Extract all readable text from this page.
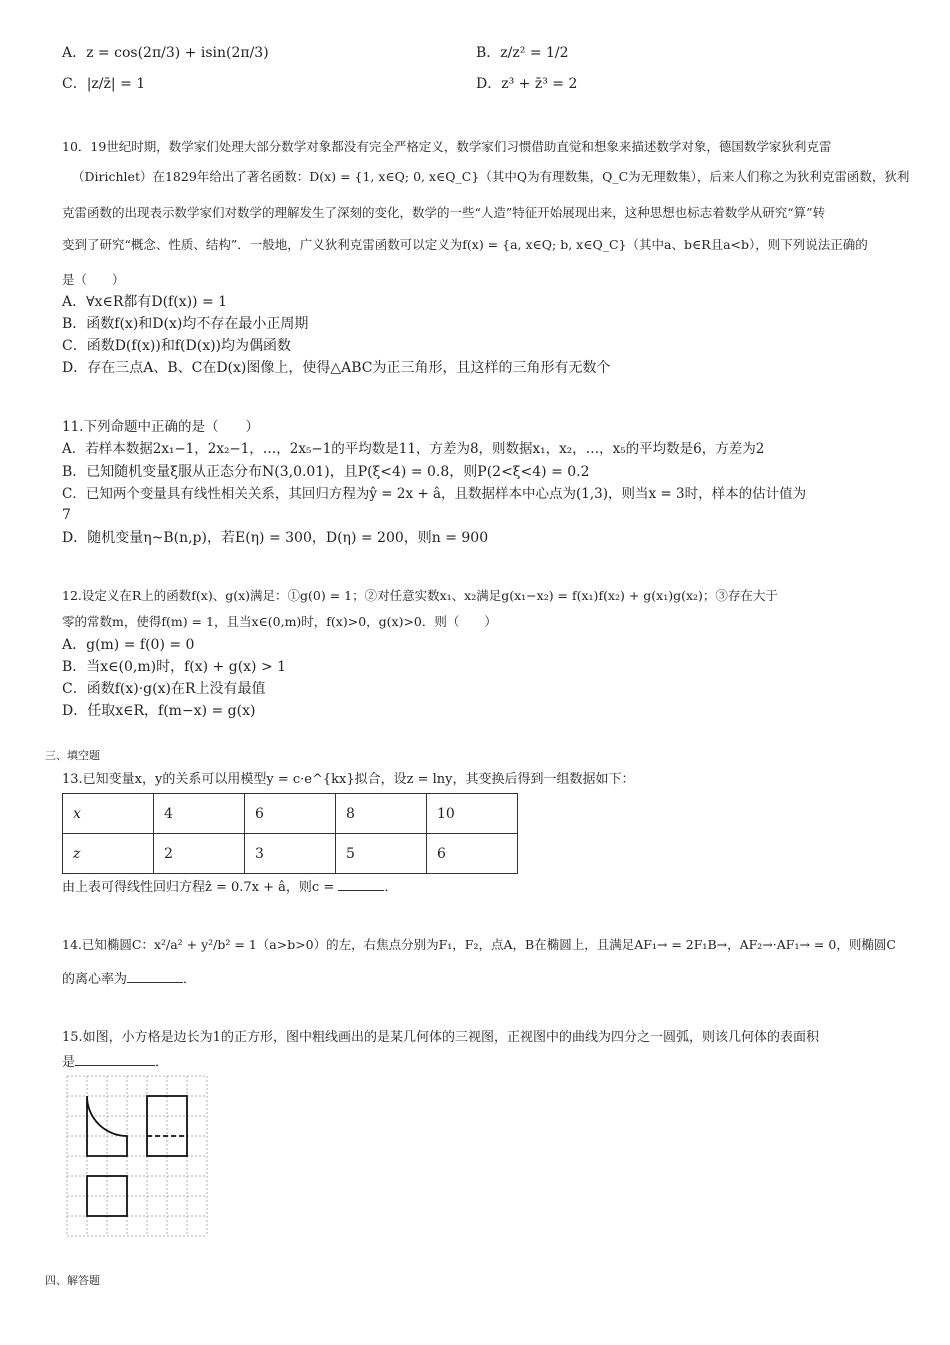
A．z = cos(2π/3) + isin(2π/3)	B．z/z² = 1/2
C．|z/z̄| = 1	D．z³ + z̄³ = 2
10．19世纪时期，数学家们处理大部分数学对象都没有完全严格定义，数学家们习惯借助直觉和想象来描述数学对象，德国数学家狄利克雷
（Dirichlet）在1829年给出了著名函数：D(x) = {1, x∈Q; 0, x∈Q_C}（其中Q为有理数集，Q_C为无理数集），后来人们称之为狄利克雷函数，狄利
克雷函数的出现表示数学家们对数学的理解发生了深刻的变化，数学的一些“人造”特征开始展现出来，这种思想也标志着数学从研究“算”转
变到了研究“概念、性质、结构”．一般地，广义狄利克雷函数可以定义为f(x) = {a, x∈Q; b, x∈Q_C}（其中a、b∈R且a<b），则下列说法正确的
是（　　）
A．∀x∈R都有D(f(x)) = 1
B．函数f(x)和D(x)均不存在最小正周期
C．函数D(f(x))和f(D(x))均为偶函数
D．存在三点A、B、C在D(x)图像上，使得△ABC为正三角形，且这样的三角形有无数个
11.下列命题中正确的是（　　）
A．若样本数据2x₁−1，2x₂−1，…，2x₅−1的平均数是11，方差为8，则数据x₁，x₂，…，x₅的平均数是6，方差为2
B．已知随机变量ξ服从正态分布N(3,0.01)，且P(ξ<4) = 0.8，则P(2<ξ<4) = 0.2
C．已知两个变量具有线性相关关系，其回归方程为ŷ = 2x + â，且数据样本中心点为(1,3)，则当x = 3时，样本的估计值为
7
D．随机变量η~B(n,p)，若E(η) = 300，D(η) = 200，则n = 900
12.设定义在R上的函数f(x)、g(x)满足：①g(0) = 1；②对任意实数x₁、x₂满足g(x₁−x₂) = f(x₁)f(x₂) + g(x₁)g(x₂)；③存在大于
零的常数m，使得f(m) = 1，且当x∈(0,m)时，f(x)>0，g(x)>0．则（　　）
A．g(m) = f(0) = 0
B．当x∈(0,m)时，f(x) + g(x) > 1
C．函数f(x)·g(x)在R上没有最值
D．任取x∈R，f(m−x) = g(x)
三、填空题
13.已知变量x，y的关系可以用模型y = c·e^{kx}拟合，设z = lny，其变换后得到一组数据如下：
x	4	6	8	10
z	2	3	5	6
由上表可得线性回归方程ẑ = 0.7x + â，则c =	．
14.已知椭圆C：x²/a² + y²/b² = 1（a>b>0）的左，右焦点分别为F₁，F₂，点A，B在椭圆上，且满足AF₁→ = 2F₁B→，AF₂→·AF₁→ = 0，则椭圆C
的离心率为	．
15.如图，小方格是边长为1的正方形，图中粗线画出的是某几何体的三视图，正视图中的曲线为四分之一圆弧，则该几何体的表面积
是	．
四、解答题
